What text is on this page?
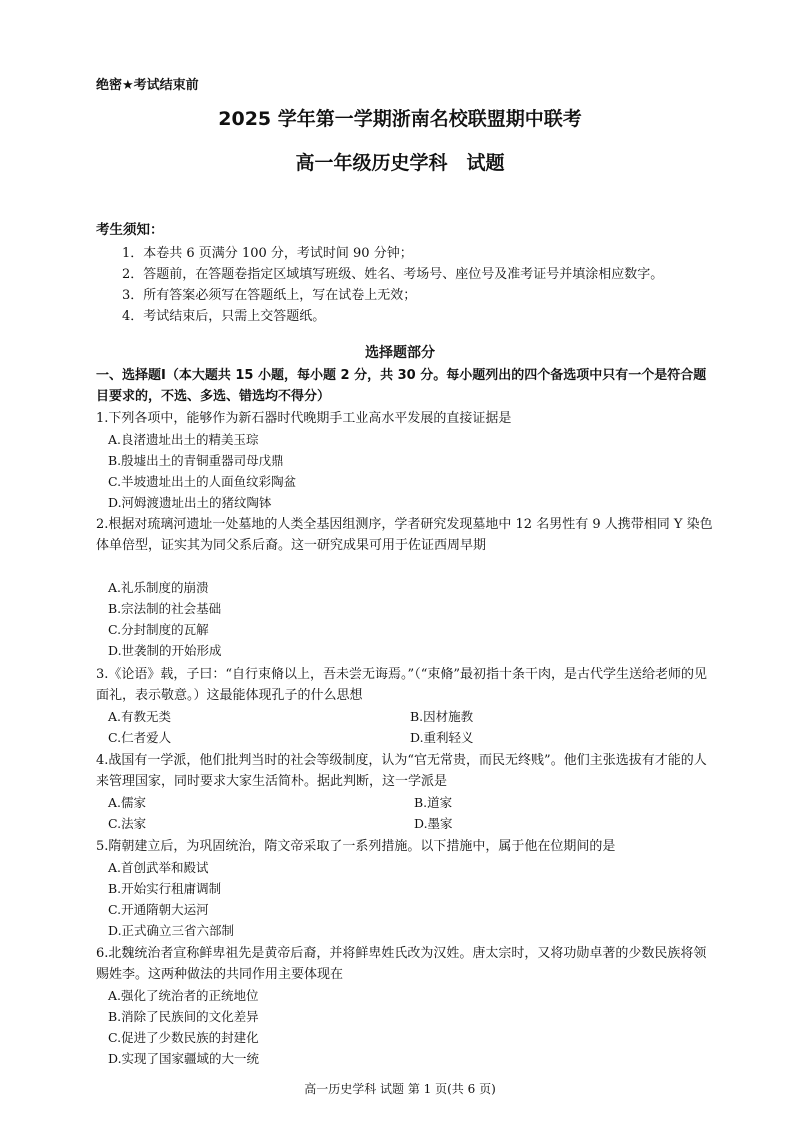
绝密★考试结束前
2025 学年第一学期浙南名校联盟期中联考
高一年级历史学科　试题
考生须知：
1．本卷共 6 页满分 100 分，考试时间 90 分钟；
2．答题前，在答题卷指定区域填写班级、姓名、考场号、座位号及准考证号并填涂相应数字。
3．所有答案必须写在答题纸上，写在试卷上无效；
4．考试结束后，只需上交答题纸。
选择题部分
一、选择题Ⅰ（本大题共 15 小题，每小题 2 分，共 30 分。每小题列出的四个备选项中只有一个是符合题目要求的，不选、多选、错选均不得分）
1.下列各项中，能够作为新石器时代晚期手工业高水平发展的直接证据是
A.良渚遗址出土的精美玉琮
B.殷墟出土的青铜重器司母戊鼎
C.半坡遗址出土的人面鱼纹彩陶盆
D.河姆渡遗址出土的猪纹陶钵
2.根据对琉璃河遗址一处墓地的人类全基因组测序，学者研究发现墓地中 12 名男性有 9 人携带相同 Y 染色体单倍型，证实其为同父系后裔。这一研究成果可用于佐证西周早期
A.礼乐制度的崩溃
B.宗法制的社会基础
C.分封制度的瓦解
D.世袭制的开始形成
3.《论语》载，子曰：“自行束脩以上，吾未尝无诲焉。”（“束脩”最初指十条干肉，是古代学生送给老师的见面礼，表示敬意。）这最能体现孔子的什么思想
A.有教无类	B.因材施教
C.仁者爱人	D.重利轻义
4.战国有一学派，他们批判当时的社会等级制度，认为“官无常贵，而民无终贱”。他们主张选拔有才能的人来管理国家，同时要求大家生活简朴。据此判断，这一学派是
A.儒家	B.道家
C.法家	D.墨家
5.隋朝建立后，为巩固统治，隋文帝采取了一系列措施。以下措施中，属于他在位期间的是
A.首创武举和殿试
B.开始实行租庸调制
C.开通隋朝大运河
D.正式确立三省六部制
6.北魏统治者宣称鲜卑祖先是黄帝后裔，并将鲜卑姓氏改为汉姓。唐太宗时，又将功勋卓著的少数民族将领赐姓李。这两种做法的共同作用主要体现在
A.强化了统治者的正统地位
B.消除了民族间的文化差异
C.促进了少数民族的封建化
D.实现了国家疆域的大一统
高一历史学科 试题 第 1 页(共 6 页)
